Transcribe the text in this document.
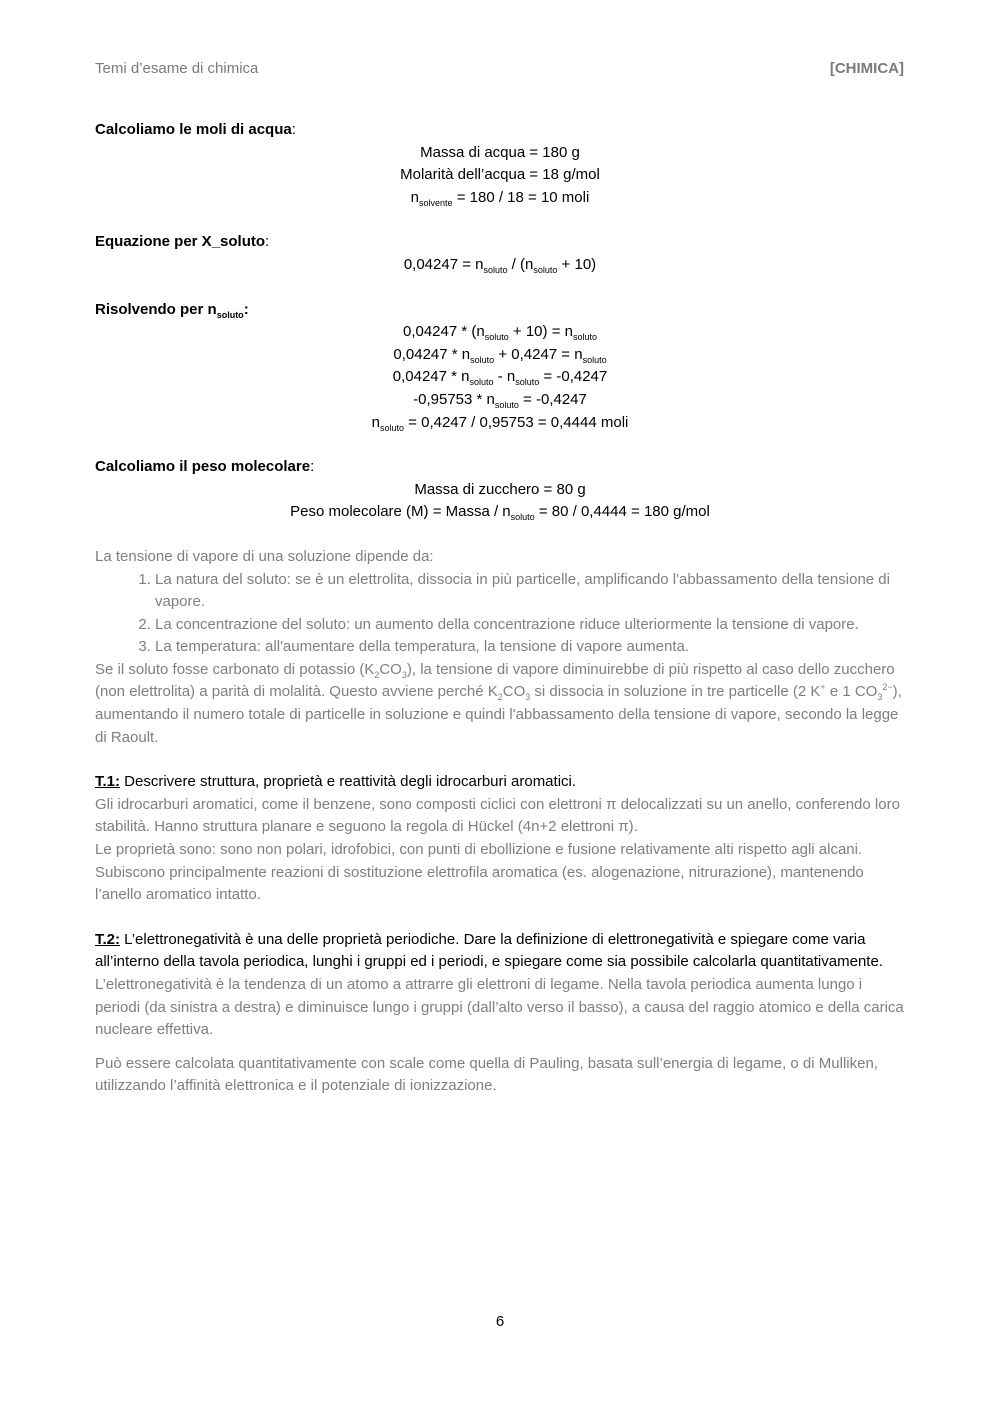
Temi d’esame di chimica	[CHIMICA]
Calcoliamo le moli di acqua:
Massa di acqua = 180 g
Molarità dell’acqua = 18 g/mol
$n_{solvente} = 180 / 18 = 10$ moli
Equazione per X_soluto:
$0,04247 = n_{soluto} / (n_{soluto} + 10)$
Risolvendo per $n_{soluto}$:
$0,04247 * (n_{soluto} + 10) = n_{soluto}$
$0,04247 * n_{soluto} + 0,4247 = n_{soluto}$
$0,04247 * n_{soluto} - n_{soluto} = -0,4247$
$-0,95753 * n_{soluto} = -0,4247$
$n_{soluto} = 0,4247 / 0,95753 = 0,4444$ moli
Calcoliamo il peso molecolare:
Massa di zucchero = 80 g
Peso molecolare (M) = Massa / $n_{soluto} = 80 / 0,4444 = 180$ g/mol
La tensione di vapore di una soluzione dipende da:
1. La natura del soluto: se è un elettrolita, dissocia in più particelle, amplificando l'abbassamento della tensione di vapore.
2. La concentrazione del soluto: un aumento della concentrazione riduce ulteriormente la tensione di vapore.
3. La temperatura: all'aumentare della temperatura, la tensione di vapore aumenta.

Se il soluto fosse carbonato di potassio $(K_2CO_3)$, la tensione di vapore diminuirebbe di più rispetto al caso dello zucchero (non elettrolita) a parità di molalità. Questo avviene perché $K_2CO_3$ si dissocia in soluzione in tre particelle (2 K+ e 1 $CO_3^{2-}$), aumentando il numero totale di particelle in soluzione e quindi l'abbassamento della tensione di vapore, secondo la legge di Raoult.

T.1: Descrivere struttura, proprietà e reattività degli idrocarburi aromatici.

Gli idrocarburi aromatici, come il benzene, sono composti ciclici con elettroni π delocalizzati su un anello, conferendo loro stabilità. Hanno struttura planare e seguono la regola di Hückel (4n+2 elettroni π).

Le proprietà sono: sono non polari, idrofobici, con punti di ebollizione e fusione relativamente alti rispetto agli alcani.

Subiscono principalmente reazioni di sostituzione elettrofila aromatica (es. alogenazione, nitrurazione), mantenendo l’anello aromatico intatto.

T.2: L’elettronegatività è una delle proprietà periodiche. Dare la definizione di elettronegatività e spiegare come varia all’interno della tavola periodica, lunghi i gruppi ed i periodi, e spiegare come sia possibile calcolarla quantitativamente.

L’elettronegatività è la tendenza di un atomo a attrarre gli elettroni di legame. Nella tavola periodica aumenta lungo i periodi (da sinistra a destra) e diminuisce lungo i gruppi (dall’alto verso il basso), a causa del raggio atomico e della carica nucleare effettiva.

Può essere calcolata quantitativamente con scale come quella di Pauling, basata sull’energia di legame, o di Mulliken, utilizzando l’affinità elettronica e il potenziale di ionizzazione.

6
